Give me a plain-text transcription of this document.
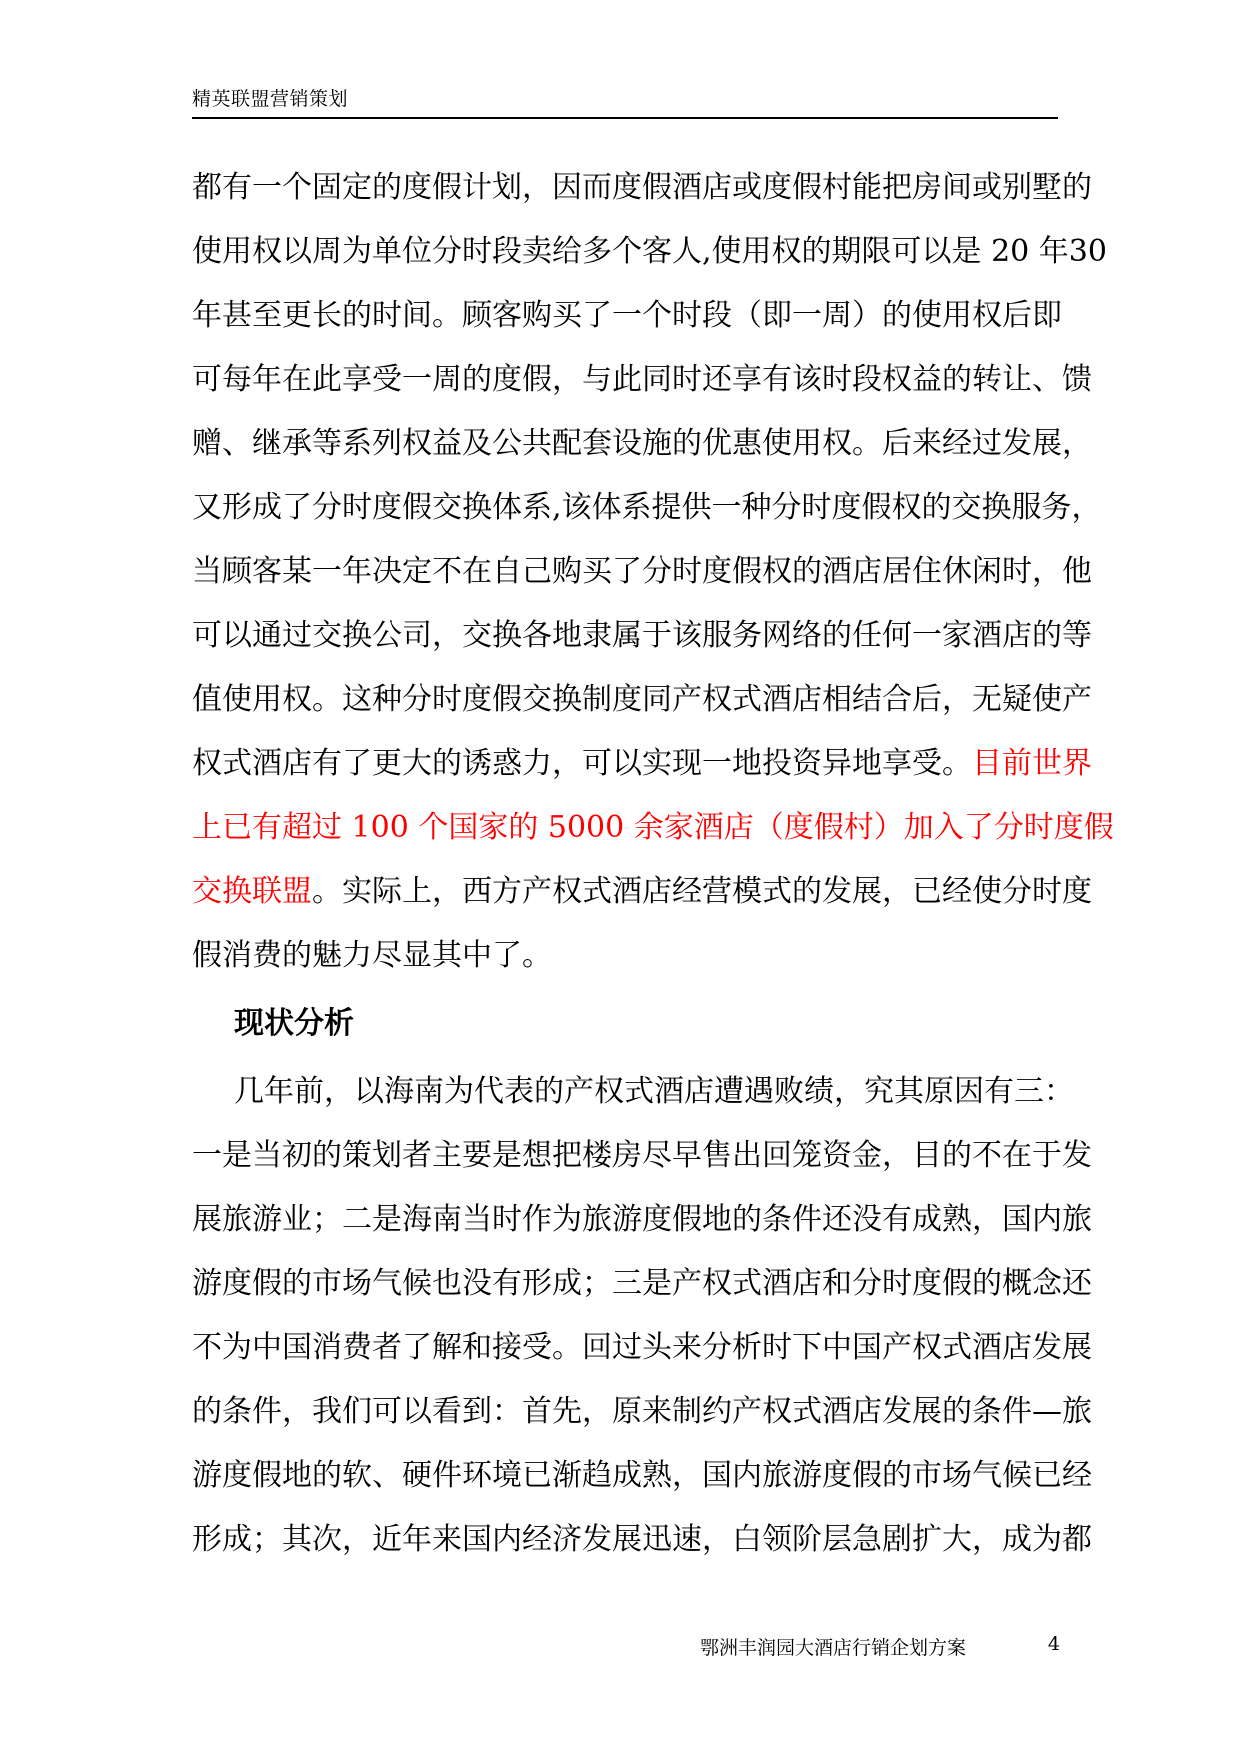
精英联盟营销策划
都有一个固定的度假计划，因而度假酒店或度假村能把房间或别墅的
使用权以周为单位分时段卖给多个客人,使用权的期限可以是 20 年30
年甚至更长的时间。顾客购买了一个时段（即一周）的使用权后即
可每年在此享受一周的度假，与此同时还享有该时段权益的转让、馈
赠、继承等系列权益及公共配套设施的优惠使用权。后来经过发展，
又形成了分时度假交换体系,该体系提供一种分时度假权的交换服务，
当顾客某一年决定不在自己购买了分时度假权的酒店居住休闲时，他
可以通过交换公司，交换各地隶属于该服务网络的任何一家酒店的等
值使用权。这种分时度假交换制度同产权式酒店相结合后，无疑使产
权式酒店有了更大的诱惑力，可以实现一地投资异地享受。目前世界
上已有超过 100 个国家的 5000 余家酒店（度假村）加入了分时度假
交换联盟。实际上，西方产权式酒店经营模式的发展，已经使分时度
假消费的魅力尽显其中了。
现状分析
几年前，以海南为代表的产权式酒店遭遇败绩，究其原因有三：
一是当初的策划者主要是想把楼房尽早售出回笼资金，目的不在于发
展旅游业；二是海南当时作为旅游度假地的条件还没有成熟，国内旅
游度假的市场气候也没有形成；三是产权式酒店和分时度假的概念还
不为中国消费者了解和接受。回过头来分析时下中国产权式酒店发展
的条件，我们可以看到：首先，原来制约产权式酒店发展的条件—旅
游度假地的软、硬件环境已渐趋成熟，国内旅游度假的市场气候已经
形成；其次，近年来国内经济发展迅速，白领阶层急剧扩大，成为都
鄂洲丰润园大酒店行销企划方案	4
